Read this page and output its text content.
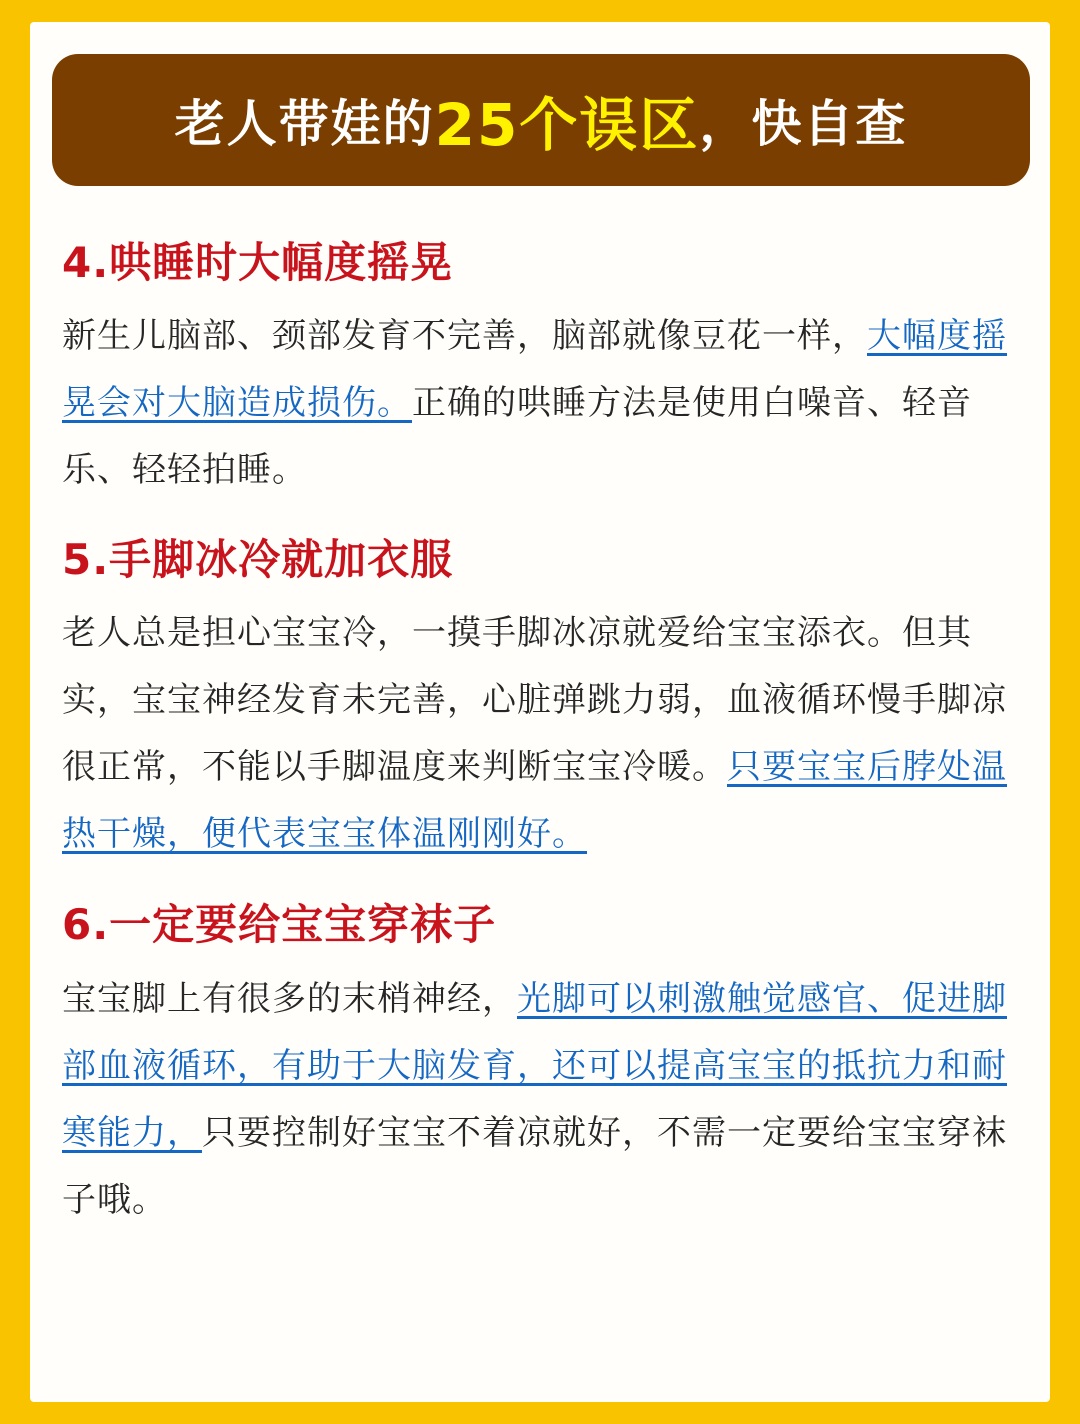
老人带娃的 25个误区 ，快自查
4.哄睡时大幅度摇晃

新生儿脑部、颈部发育不完善，脑部就像豆花一样，大幅度摇晃会对大脑造成损伤。正确的哄睡方法是使用白噪音、轻音乐、轻轻拍睡。

5.手脚冰冷就加衣服

老人总是担心宝宝冷，一摸手脚冰凉就爱给宝宝添衣。但其实，宝宝神经发育未完善，心脏弹跳力弱，血液循环慢手脚凉很正常，不能以手脚温度来判断宝宝冷暖。只要宝宝后脖处温热干燥，便代表宝宝体温刚刚好。

6.一定要给宝宝穿袜子

宝宝脚上有很多的末梢神经，光脚可以刺激触觉感官、促进脚部血液循环，有助于大脑发育，还可以提高宝宝的抵抗力和耐寒能力，只要控制好宝宝不着凉就好，不需一定要给宝宝穿袜子哦。
